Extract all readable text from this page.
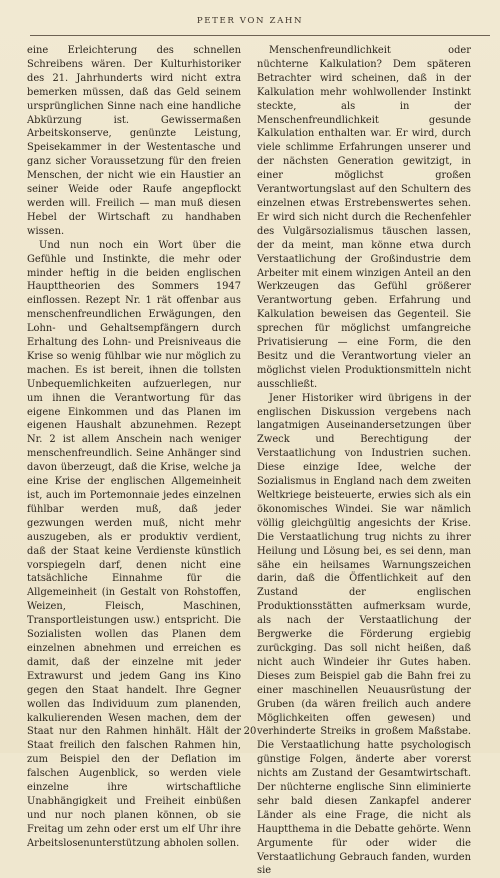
PETER VON ZAHN

eine Erleichterung des schnellen Schreibens wären. Der Kulturhistoriker des 21. Jahrhunderts wird nicht extra bemerken müssen, daß das Geld seinem ursprünglichen Sinne nach eine handliche Abkürzung ist. Gewissermaßen Arbeitskonserve, genünzte Leistung, Speisekammer in der Westentasche und ganz sicher Voraussetzung für den freien Menschen, der nicht wie ein Haustier an seiner Weide oder Raufe angepflockt werden will. Freilich — man muß diesen Hebel der Wirtschaft zu handhaben wissen.

Und nun noch ein Wort über die Gefühle und Instinkte, die mehr oder minder heftig in die beiden englischen Haupttheorien des Sommers 1947 einflossen. Rezept Nr. 1 rät offenbar aus menschenfreundlichen Erwägungen, den Lohn- und Gehaltsempfängern durch Erhaltung des Lohn- und Preisniveaus die Krise so wenig fühlbar wie nur möglich zu machen. Es ist bereit, ihnen die tollsten Unbequemlichkeiten aufzuerlegen, nur um ihnen die Verantwortung für das eigene Einkommen und das Planen im eigenen Haushalt abzunehmen. Rezept Nr. 2 ist allem Anschein nach weniger menschenfreundlich. Seine Anhänger sind davon überzeugt, daß die Krise, welche ja eine Krise der englischen Allgemeinheit ist, auch im Portemonnaie jedes einzelnen fühlbar werden muß, daß jeder gezwungen werden muß, nicht mehr auszugeben, als er produktiv verdient, daß der Staat keine Verdienste künstlich vorspiegeln darf, denen nicht eine tatsächliche Einnahme für die Allgemeinheit (in Gestalt von Rohstoffen, Weizen, Fleisch, Maschinen, Transportleistungen usw.) entspricht. Die Sozialisten wollen das Planen dem einzelnen abnehmen und erreichen es damit, daß der einzelne mit jeder Extrawurst und jedem Gang ins Kino gegen den Staat handelt. Ihre Gegner wollen das Individuum zum planenden, kalkulierenden Wesen machen, dem der Staat nur den Rahmen hinhält. Hält der Staat freilich den falschen Rahmen hin, zum Beispiel den der Deflation im falschen Augenblick, so werden viele einzelne ihre wirtschaftliche Unabhängigkeit und Freiheit einbüßen und nur noch planen können, ob sie Freitag um zehn oder erst um elf Uhr ihre Arbeitslosenunterstützung abholen sollen.

Menschenfreundlichkeit oder nüchterne Kalkulation? Dem späteren Betrachter wird scheinen, daß in der Kalkulation mehr wohlwollender Instinkt steckte, als in der Menschenfreundlichkeit gesunde Kalkulation enthalten war. Er wird, durch viele schlimme Erfahrungen unserer und der nächsten Generation gewitzigt, in einer möglichst großen Verantwortungslast auf den Schultern des einzelnen etwas Erstrebenswertes sehen. Er wird sich nicht durch die Rechenfehler des Vulgärsozialismus täuschen lassen, der da meint, man könne etwa durch Verstaatlichung der Großindustrie dem Arbeiter mit einem winzigen Anteil an den Werkzeugen das Gefühl größerer Verantwortung geben. Erfahrung und Kalkulation beweisen das Gegenteil. Sie sprechen für möglichst umfangreiche Privatisierung — eine Form, die den Besitz und die Verantwortung vieler an möglichst vielen Produktionsmitteln nicht ausschließt.

Jener Historiker wird übrigens in der englischen Diskussion vergebens nach langatmigen Auseinandersetzungen über Zweck und Berechtigung der Verstaatlichung von Industrien suchen. Diese einzige Idee, welche der Sozialismus in England nach dem zweiten Weltkriege beisteuerte, erwies sich als ein ökonomisches Windei. Sie war nämlich völlig gleichgültig angesichts der Krise. Die Verstaatlichung trug nichts zu ihrer Heilung und Lösung bei, es sei denn, man sähe ein heilsames Warnungszeichen darin, daß die Öffentlichkeit auf den Zustand der englischen Produktionsstätten aufmerksam wurde, als nach der Verstaatlichung der Bergwerke die Förderung ergiebig zurückging. Das soll nicht heißen, daß nicht auch Windeier ihr Gutes haben. Dieses zum Beispiel gab die Bahn frei zu einer maschinellen Neuausrüstung der Gruben (da wären freilich auch andere Möglichkeiten offen gewesen) und verhinderte Streiks in großem Maßstabe. Die Verstaatlichung hatte psychologisch günstige Folgen, änderte aber vorerst nichts am Zustand der Gesamtwirtschaft. Der nüchterne englische Sinn eliminierte sehr bald diesen Zankapfel anderer Länder als eine Frage, die nicht als Hauptthema in die Debatte gehörte. Wenn Argumente für oder wider die Verstaatlichung Gebrauch fanden, wurden sie

20
